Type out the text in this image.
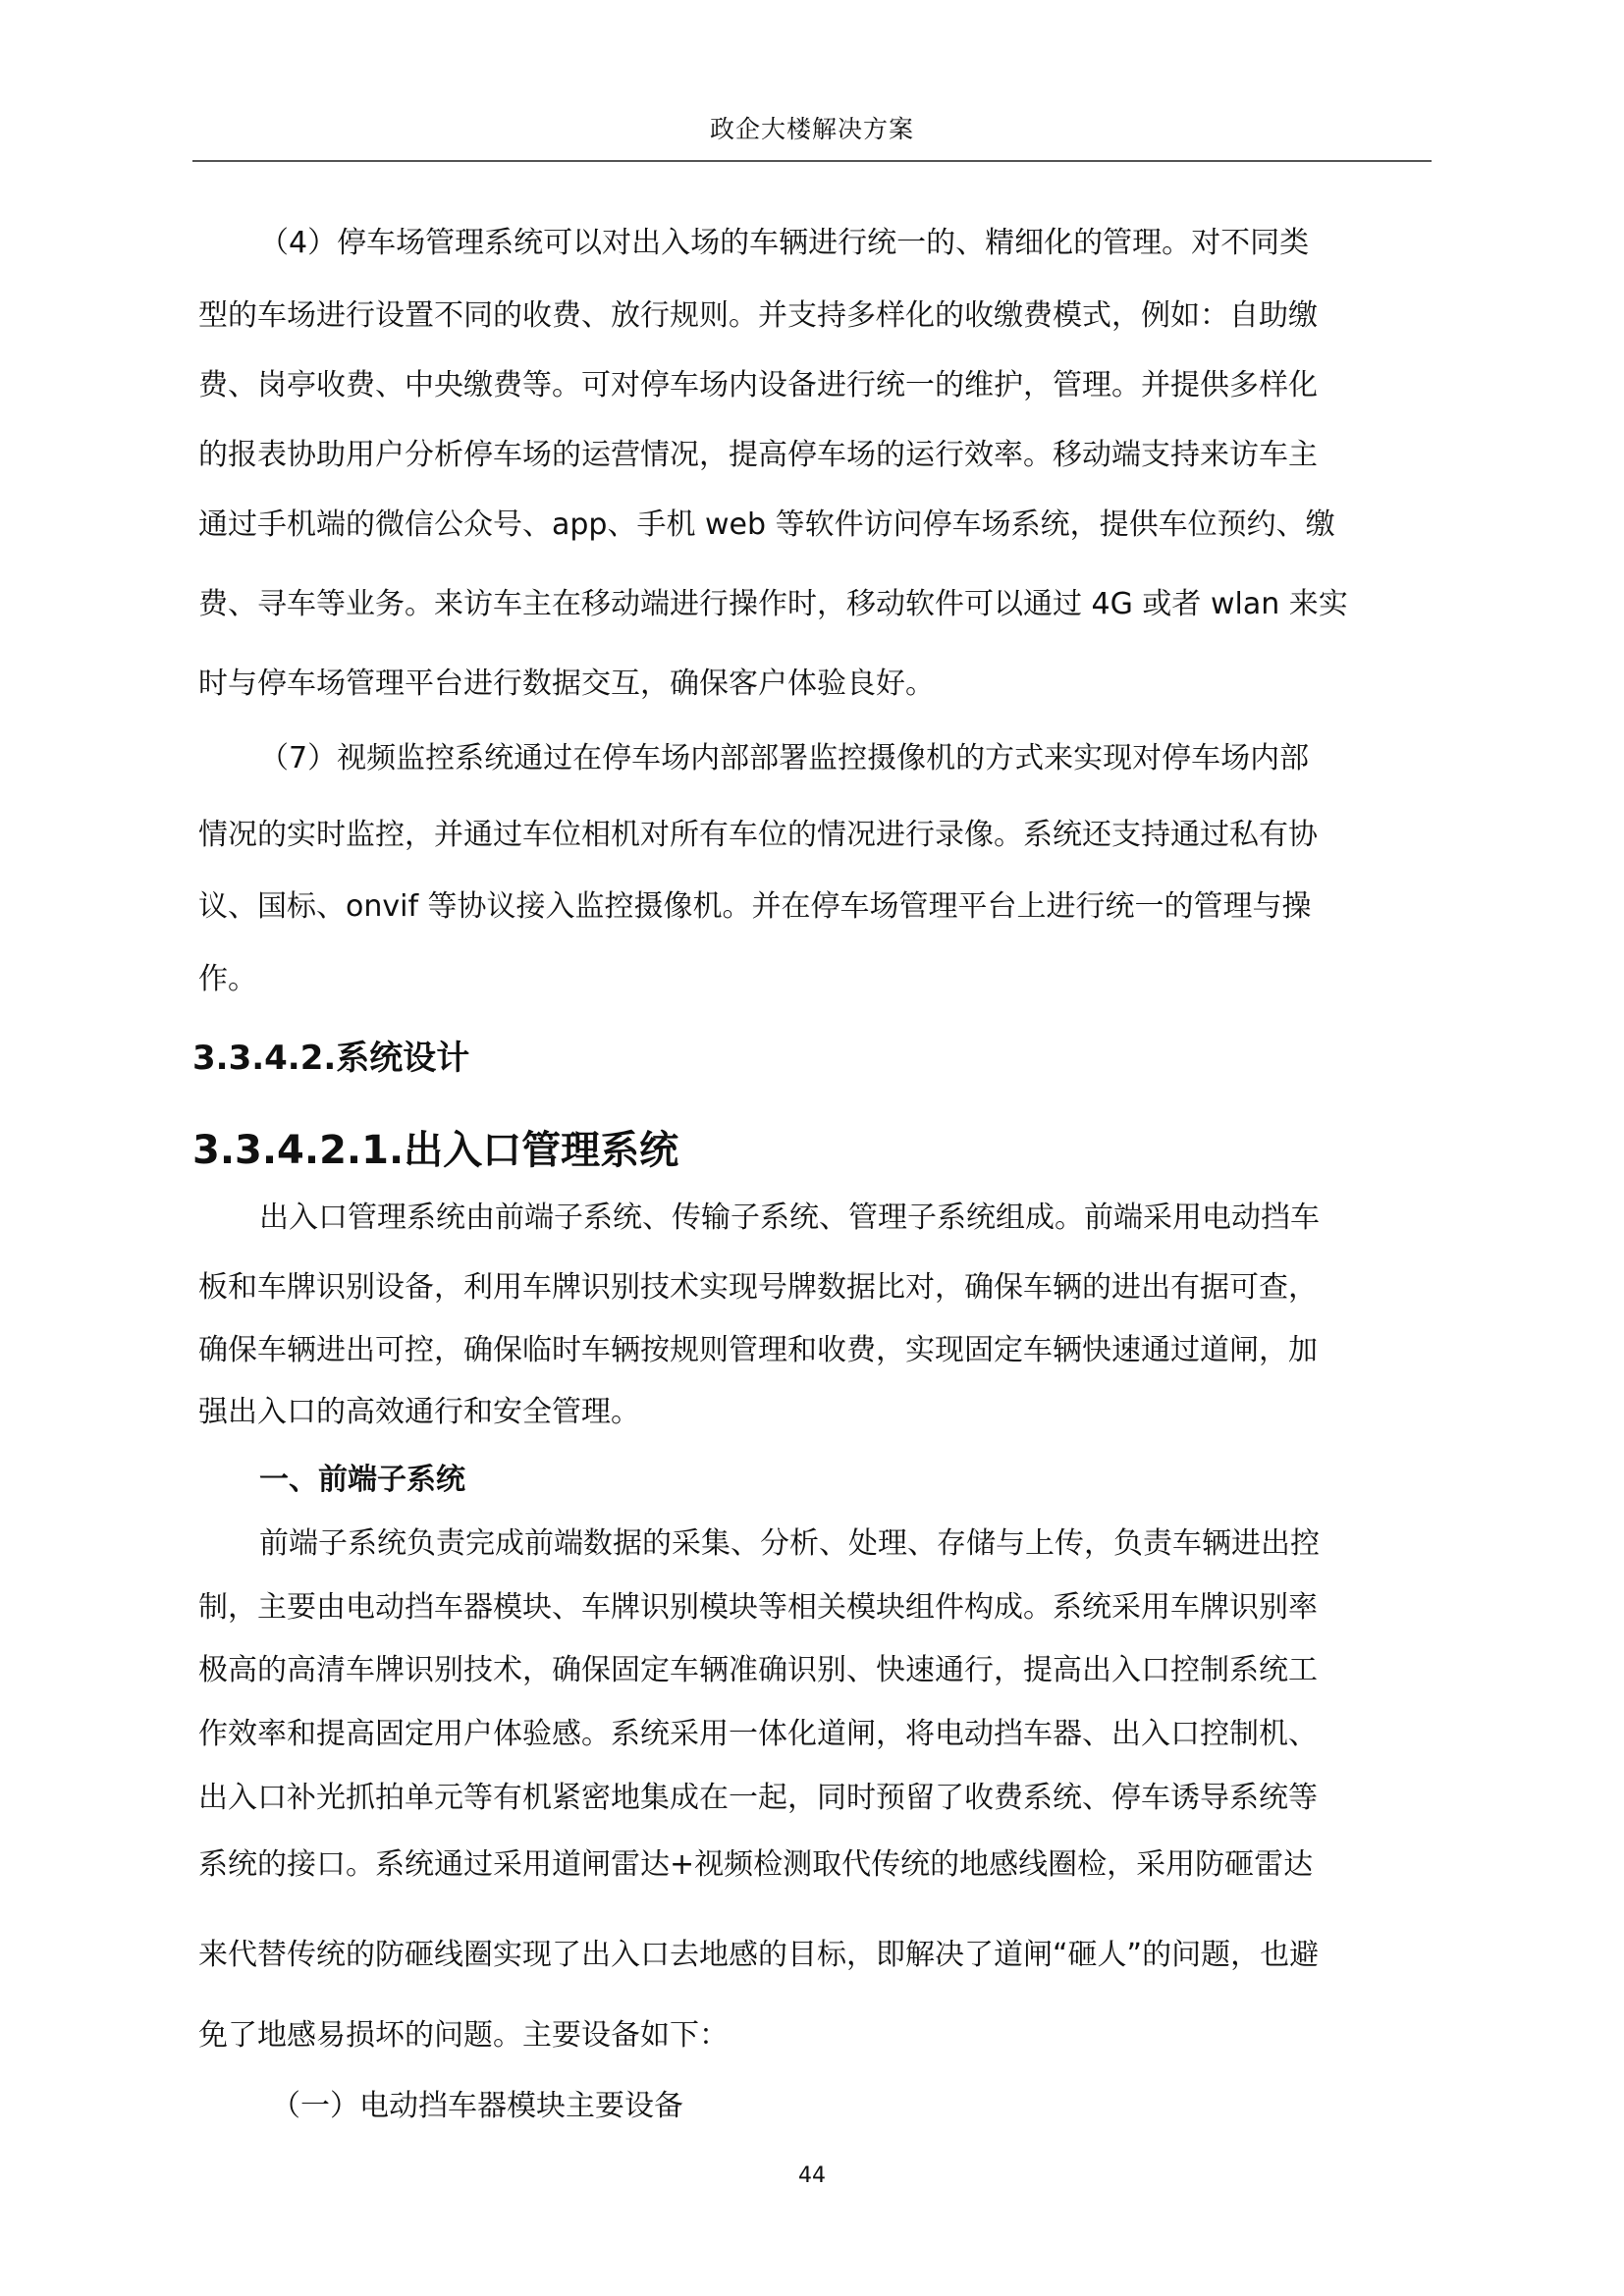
政企大楼解决方案
（4）停车场管理系统可以对出入场的车辆进行统一的、精细化的管理。对不同类
型的车场进行设置不同的收费、放行规则。并支持多样化的收缴费模式，例如：自助缴
费、岗亭收费、中央缴费等。可对停车场内设备进行统一的维护，管理。并提供多样化
的报表协助用户分析停车场的运营情况，提高停车场的运行效率。移动端支持来访车主
通过手机端的微信公众号、app、手机 web 等软件访问停车场系统，提供车位预约、缴
费、寻车等业务。来访车主在移动端进行操作时，移动软件可以通过 4G 或者 wlan 来实
时与停车场管理平台进行数据交互，确保客户体验良好。
（7）视频监控系统通过在停车场内部部署监控摄像机的方式来实现对停车场内部
情况的实时监控，并通过车位相机对所有车位的情况进行录像。系统还支持通过私有协
议、国标、onvif 等协议接入监控摄像机。并在停车场管理平台上进行统一的管理与操
作。
3.3.4.2.系统设计
3.3.4.2.1.出入口管理系统
出入口管理系统由前端子系统、传输子系统、管理子系统组成。前端采用电动挡车
板和车牌识别设备，利用车牌识别技术实现号牌数据比对，确保车辆的进出有据可查，
确保车辆进出可控，确保临时车辆按规则管理和收费，实现固定车辆快速通过道闸，加
强出入口的高效通行和安全管理。
一、前端子系统
前端子系统负责完成前端数据的采集、分析、处理、存储与上传，负责车辆进出控
制，主要由电动挡车器模块、车牌识别模块等相关模块组件构成。系统采用车牌识别率
极高的高清车牌识别技术，确保固定车辆准确识别、快速通行，提高出入口控制系统工
作效率和提高固定用户体验感。系统采用一体化道闸，将电动挡车器、出入口控制机、
出入口补光抓拍单元等有机紧密地集成在一起，同时预留了收费系统、停车诱导系统等
系统的接口。系统通过采用道闸雷达+视频检测取代传统的地感线圈检，采用防砸雷达
来代替传统的防砸线圈实现了出入口去地感的目标，即解决了道闸“砸人”的问题，也避
免了地感易损坏的问题。主要设备如下：
（一）电动挡车器模块主要设备
44
